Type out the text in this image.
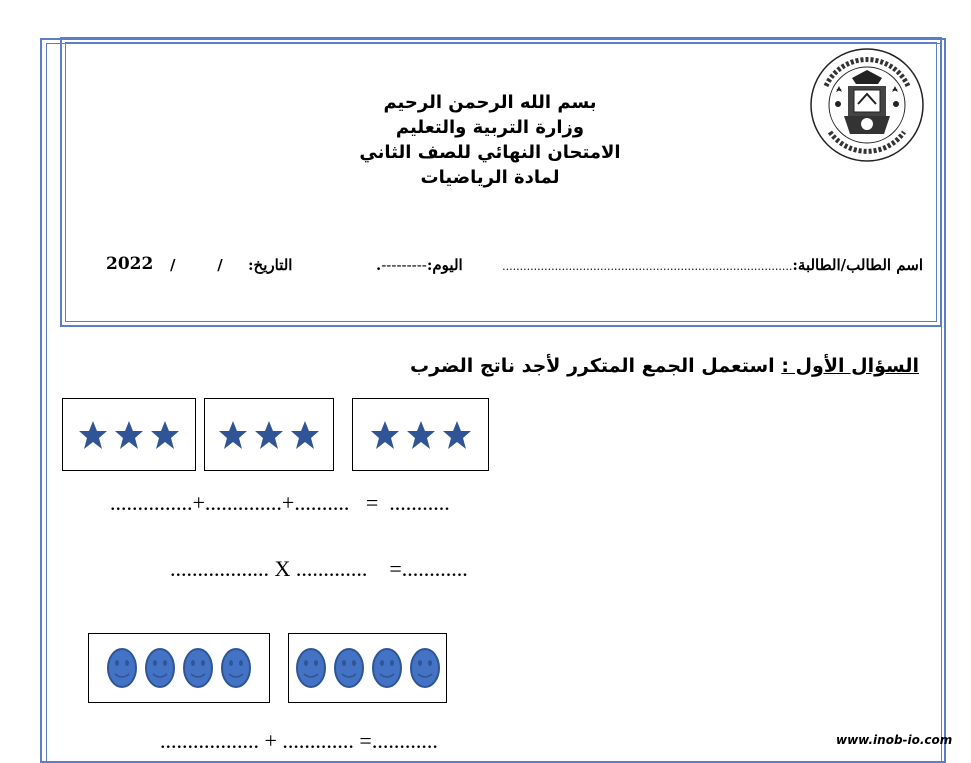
بسم الله الرحمن الرحيم
وزارة التربية والتعليم
الامتحان النهائي للصف الثاني
لمادة الرياضيات
اسم الطالب/الطالبة:...................................................................................
اليوم:---------.
التاريخ:
/        /
2022
السؤال الأول : استعمل الجمع المتكرر لأجد ناتج الضرب
...............+..............+..........   =  ...........
.................. X .............    =............
.................. + ............. =............	www.inob-io.com
